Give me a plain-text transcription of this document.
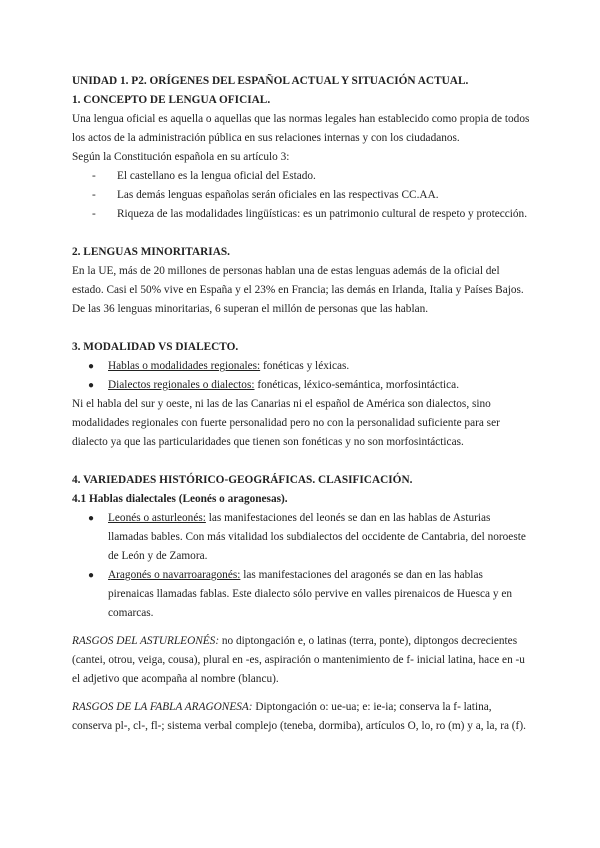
UNIDAD 1. P2. ORÍGENES DEL ESPAÑOL ACTUAL Y SITUACIÓN ACTUAL.

1. CONCEPTO DE LENGUA OFICIAL.

Una lengua oficial es aquella o aquellas que las normas legales han establecido como propia de todos los actos de la administración pública en sus relaciones internas y con los ciudadanos.

Según la Constitución española en su artículo 3:

- El castellano es la lengua oficial del Estado.
- Las demás lenguas españolas serán oficiales en las respectivas CC.AA.
- Riqueza de las modalidades lingüísticas: es un patrimonio cultural de respeto y protección.

2. LENGUAS MINORITARIAS.

En la UE, más de 20 millones de personas hablan una de estas lenguas además de la oficial del estado. Casi el 50% vive en España y el 23% en Francia; las demás en Irlanda, Italia y Países Bajos. De las 36 lenguas minoritarias, 6 superan el millón de personas que las hablan.

3. MODALIDAD VS DIALECTO.

● Hablas o modalidades regionales: fonéticas y léxicas.
● Dialectos regionales o dialectos: fonéticas, léxico-semántica, morfosintáctica.

Ni el habla del sur y oeste, ni las de las Canarias ni el español de América son dialectos, sino modalidades regionales con fuerte personalidad pero no con la personalidad suficiente para ser dialecto ya que las particularidades que tienen son fonéticas y no son morfosintácticas.

4. VARIEDADES HISTÓRICO-GEOGRÁFICAS. CLASIFICACIÓN.

4.1 Hablas dialectales (Leonés o aragonesas).

● Leonés o asturleonés: las manifestaciones del leonés se dan en las hablas de Asturias llamadas bables. Con más vitalidad los subdialectos del occidente de Cantabria, del noroeste de León y de Zamora.
● Aragonés o navarroaragonés: las manifestaciones del aragonés se dan en las hablas pirenaicas llamadas fablas. Este dialecto sólo pervive en valles pirenaicos de Huesca y en comarcas.

RASGOS DEL ASTURLEONÉS: no diptongación e, o latinas (terra, ponte), diptongos decrecientes (cantei, otrou, veiga, cousa), plural en -es, aspiración o mantenimiento de f- inicial latina, hace en -u el adjetivo que acompaña al nombre (blancu).

RASGOS DE LA FABLA ARAGONESA: Diptongación o: ue-ua; e: ie-ia; conserva la f- latina, conserva pl-, cl-, fl-; sistema verbal complejo (teneba, dormiba), artículos O, lo, ro (m) y a, la, ra (f).
